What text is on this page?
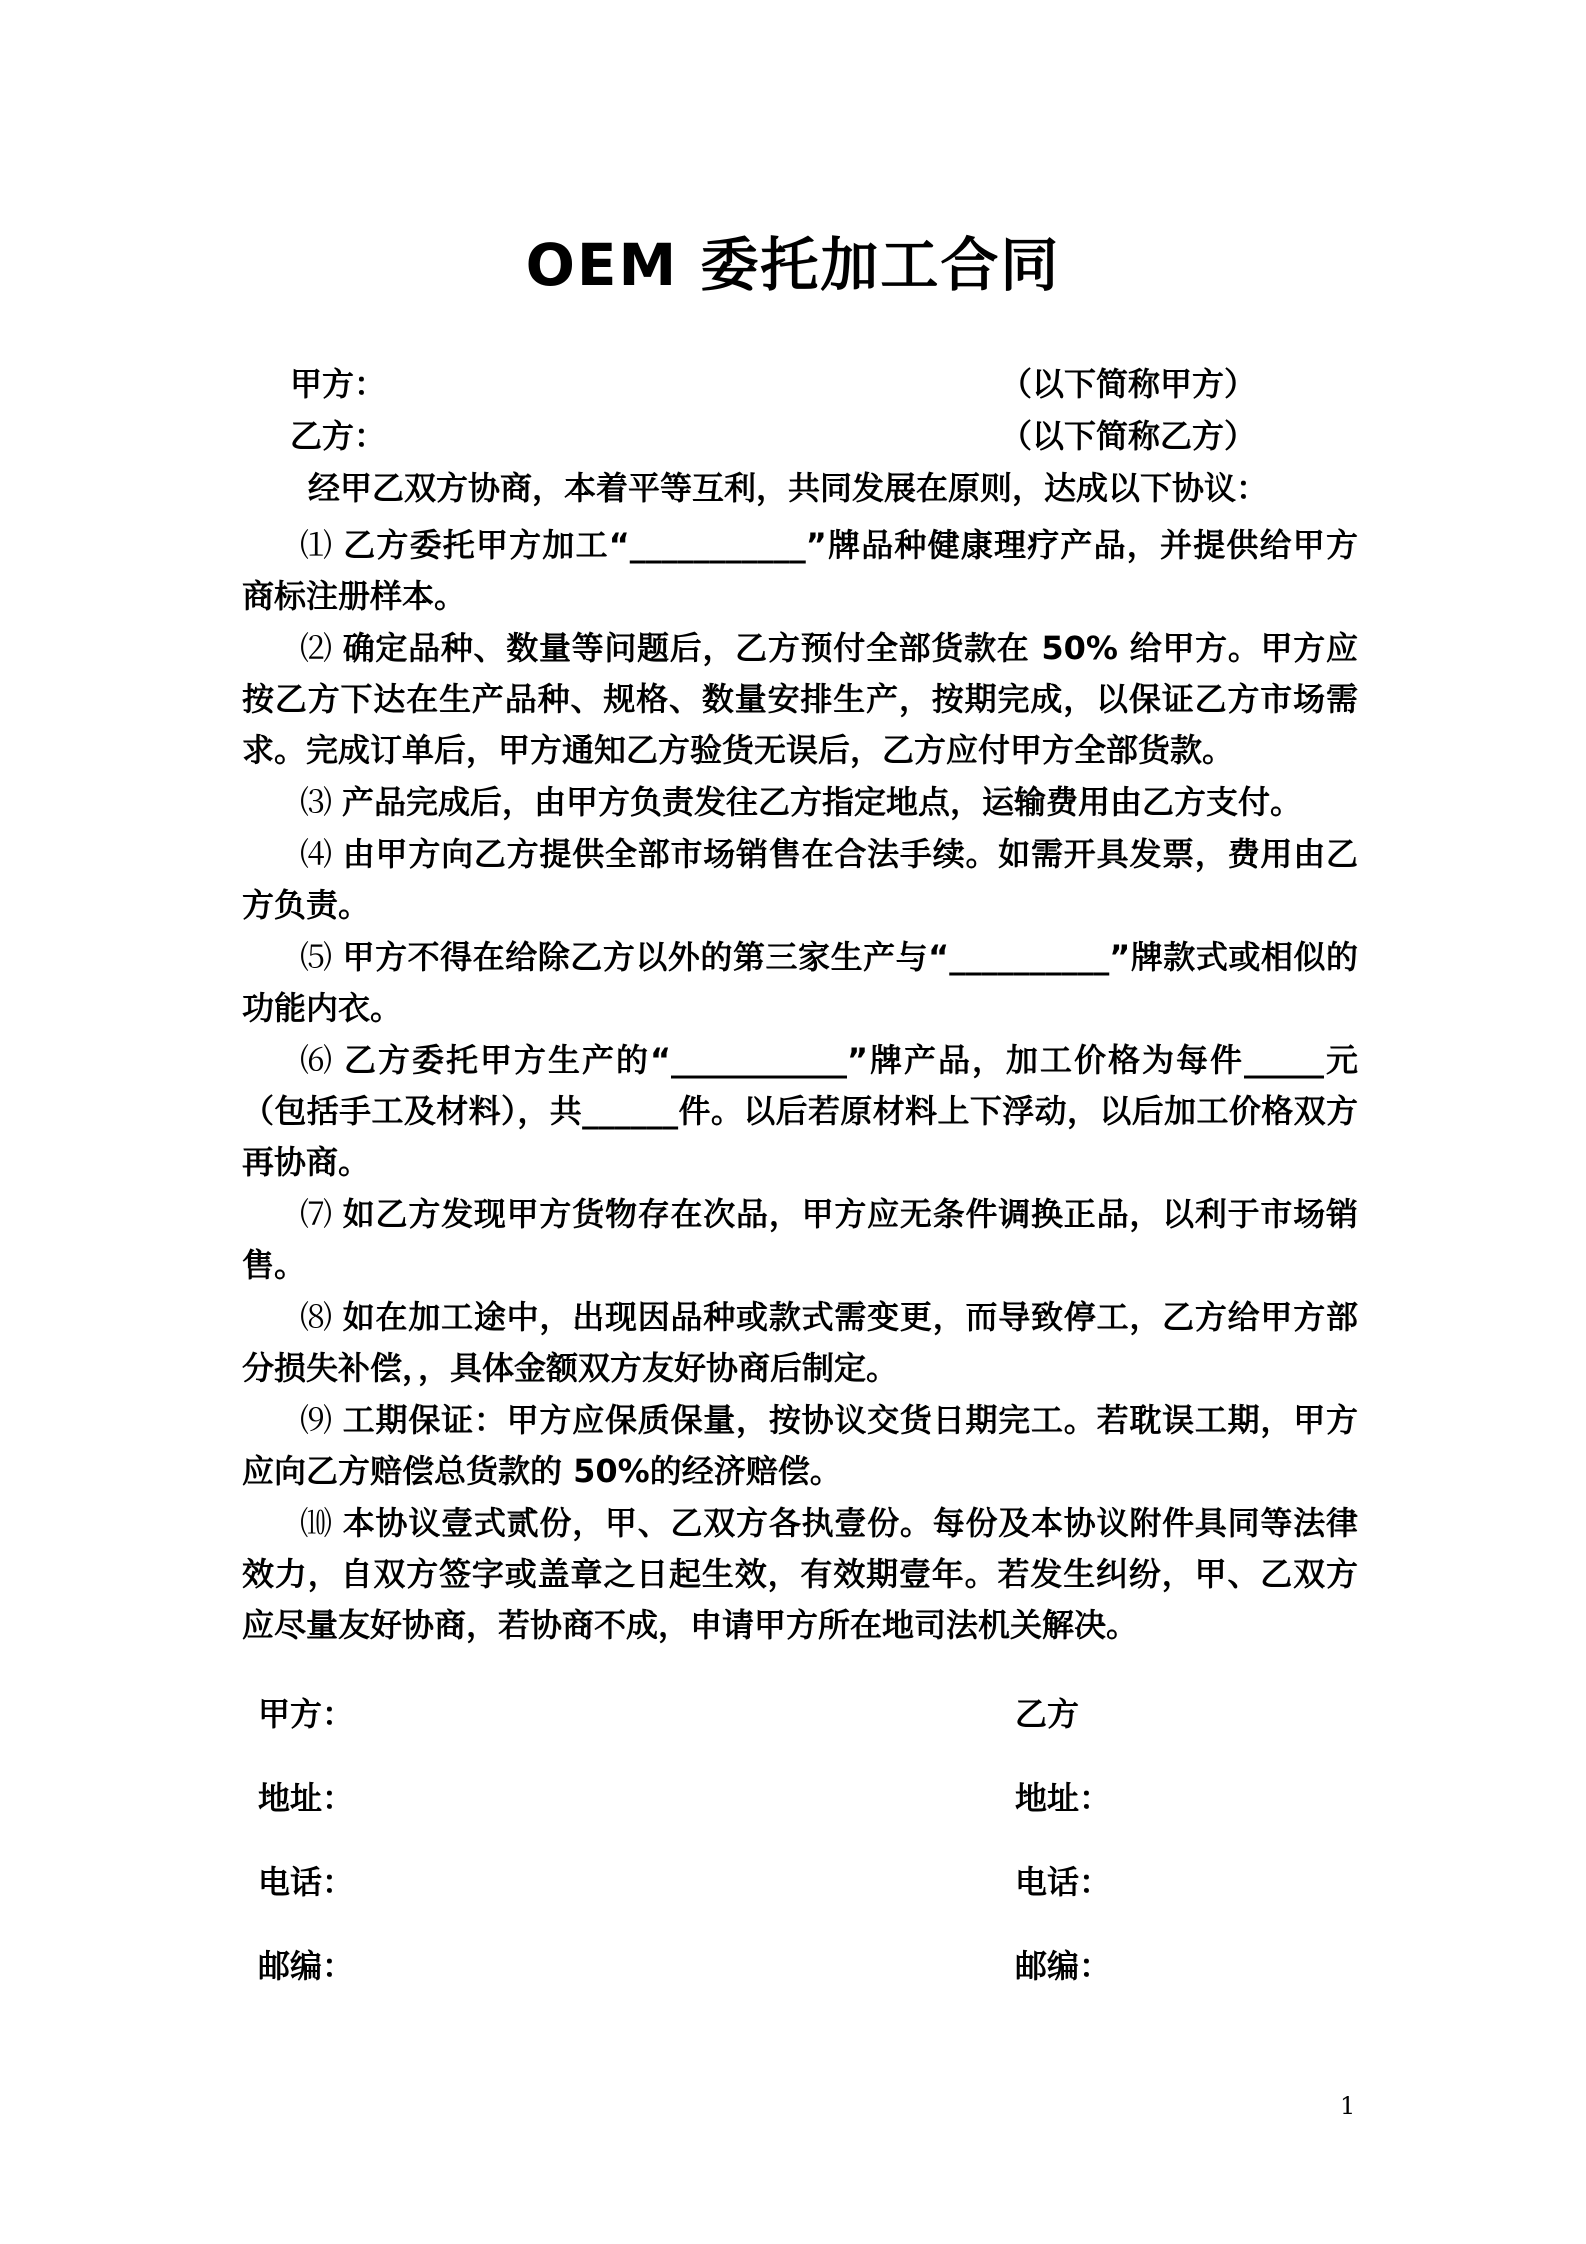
OEM 委托加工合同
甲方：	（以下简称甲方）
乙方：	（以下简称乙方）
经甲乙双方协商，本着平等互利，共同发展在原则，达成以下协议：

⑴ 乙方委托甲方加工“___________”牌品种健康理疗产品，并提供给甲方商标注册样本。

⑵ 确定品种、数量等问题后，乙方预付全部货款在 50% 给甲方。甲方应按乙方下达在生产品种、规格、数量安排生产，按期完成，以保证乙方市场需求。完成订单后，甲方通知乙方验货无误后，乙方应付甲方全部货款。

⑶ 产品完成后，由甲方负责发往乙方指定地点，运输费用由乙方支付。

⑷ 由甲方向乙方提供全部市场销售在合法手续。如需开具发票，费用由乙方负责。

⑸ 甲方不得在给除乙方以外的第三家生产与“__________”牌款式或相似的功能内衣。

⑹ 乙方委托甲方生产的“___________”牌产品，加工价格为每件_____元（包括手工及材料），共______件。以后若原材料上下浮动，以后加工价格双方再协商。

⑺ 如乙方发现甲方货物存在次品，甲方应无条件调换正品，以利于市场销售。

⑻ 如在加工途中，出现因品种或款式需变更，而导致停工，乙方给甲方部分损失补偿，，具体金额双方友好协商后制定。

⑼ 工期保证：甲方应保质保量，按协议交货日期完工。若耽误工期，甲方应向乙方赔偿总货款的 50%的经济赔偿。

⑽ 本协议壹式贰份，甲、乙双方各执壹份。每份及本协议附件具同等法律效力，自双方签字或盖章之日起生效，有效期壹年。若发生纠纷，甲、乙双方应尽量友好协商，若协商不成，申请甲方所在地司法机关解决。

甲方：
地址：
电话：
邮编：
乙方
地址：
电话：
邮编：
1
